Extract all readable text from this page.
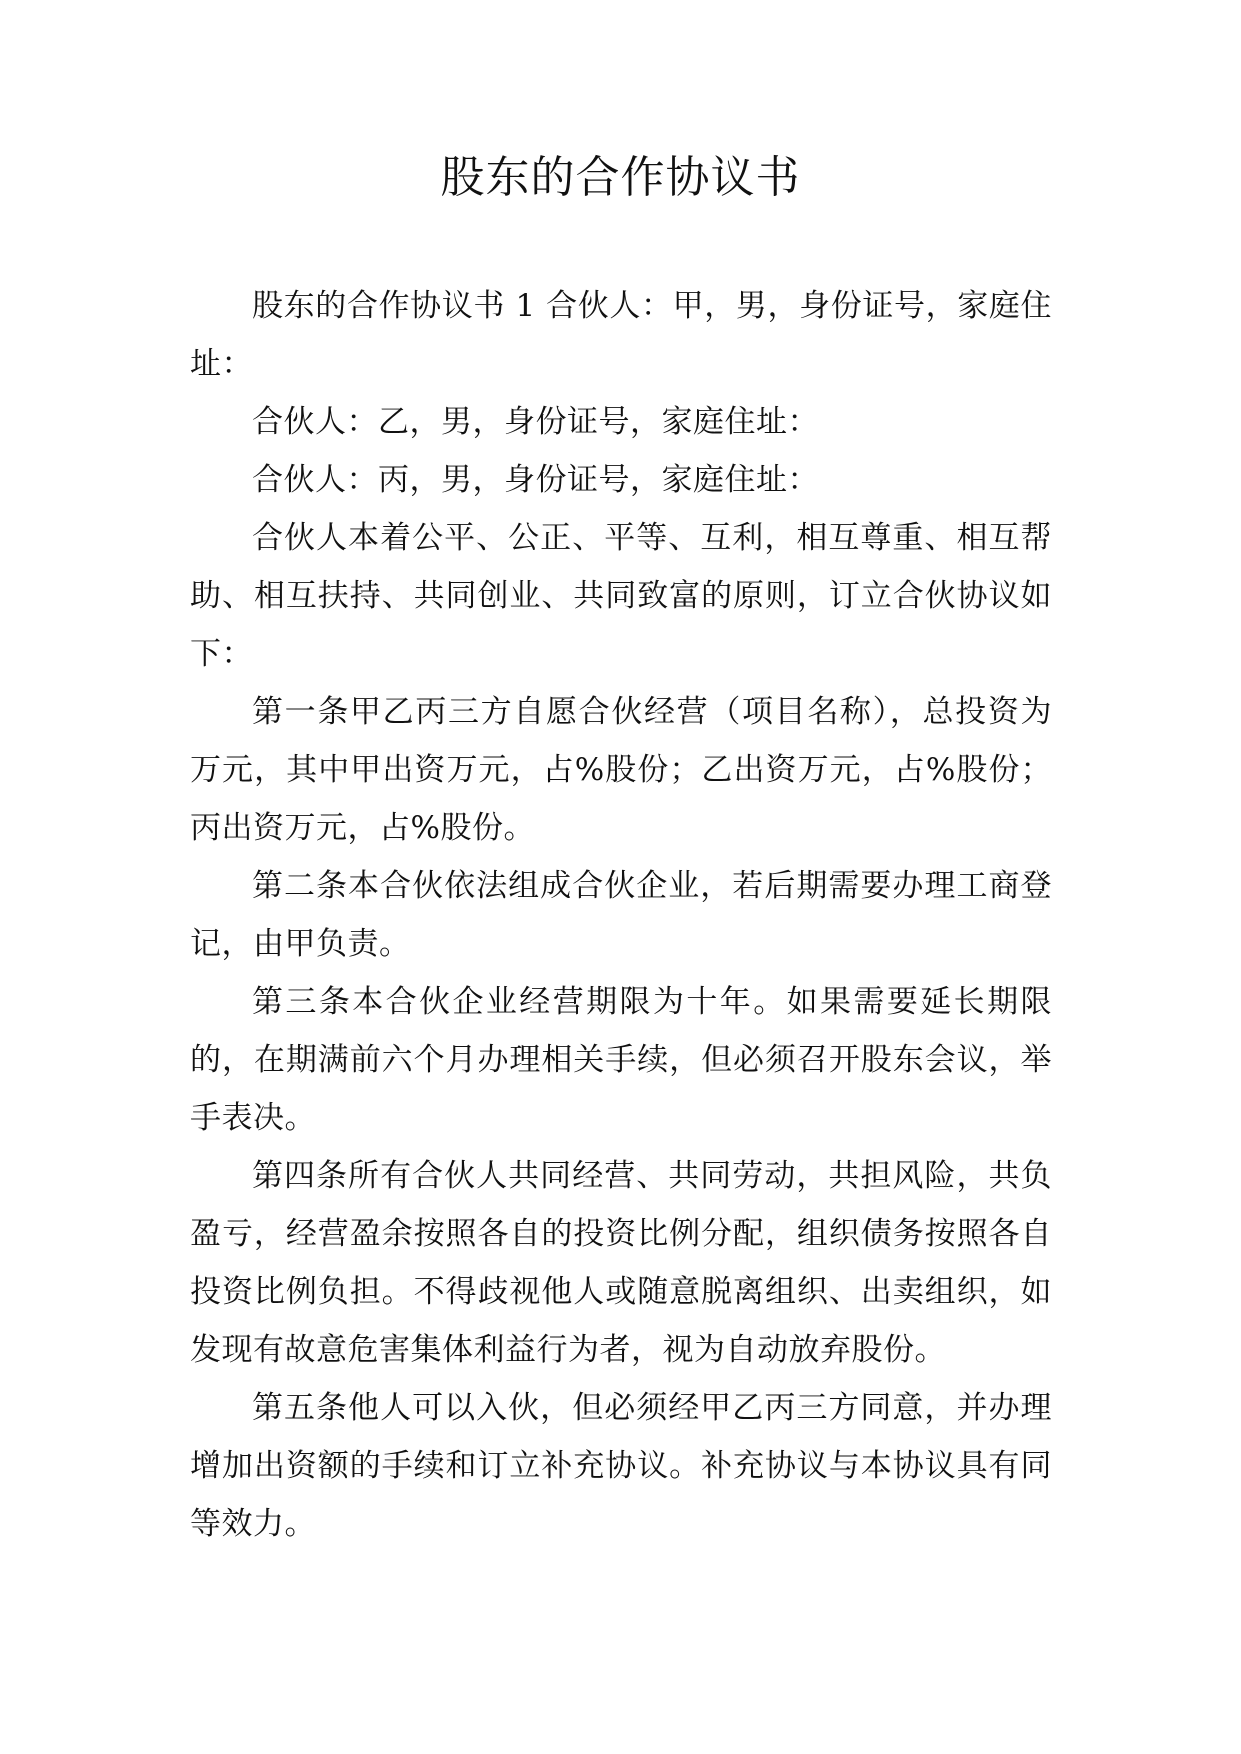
股东的合作协议书

股东的合作协议书 1 合伙人：甲，男，身份证号，家庭住址：

合伙人：乙，男，身份证号，家庭住址：

合伙人：丙，男，身份证号，家庭住址：

合伙人本着公平、公正、平等、互利，相互尊重、相互帮助、相互扶持、共同创业、共同致富的原则，订立合伙协议如下：

第一条甲乙丙三方自愿合伙经营（项目名称），总投资为万元，其中甲出资万元，占%股份；乙出资万元，占%股份；丙出资万元，占%股份。

第二条本合伙依法组成合伙企业，若后期需要办理工商登记，由甲负责。

第三条本合伙企业经营期限为十年。如果需要延长期限的，在期满前六个月办理相关手续，但必须召开股东会议，举手表决。

第四条所有合伙人共同经营、共同劳动，共担风险，共负盈亏，经营盈余按照各自的投资比例分配，组织债务按照各自投资比例负担。不得歧视他人或随意脱离组织、出卖组织，如发现有故意危害集体利益行为者，视为自动放弃股份。

第五条他人可以入伙，但必须经甲乙丙三方同意，并办理增加出资额的手续和订立补充协议。补充协议与本协议具有同等效力。
